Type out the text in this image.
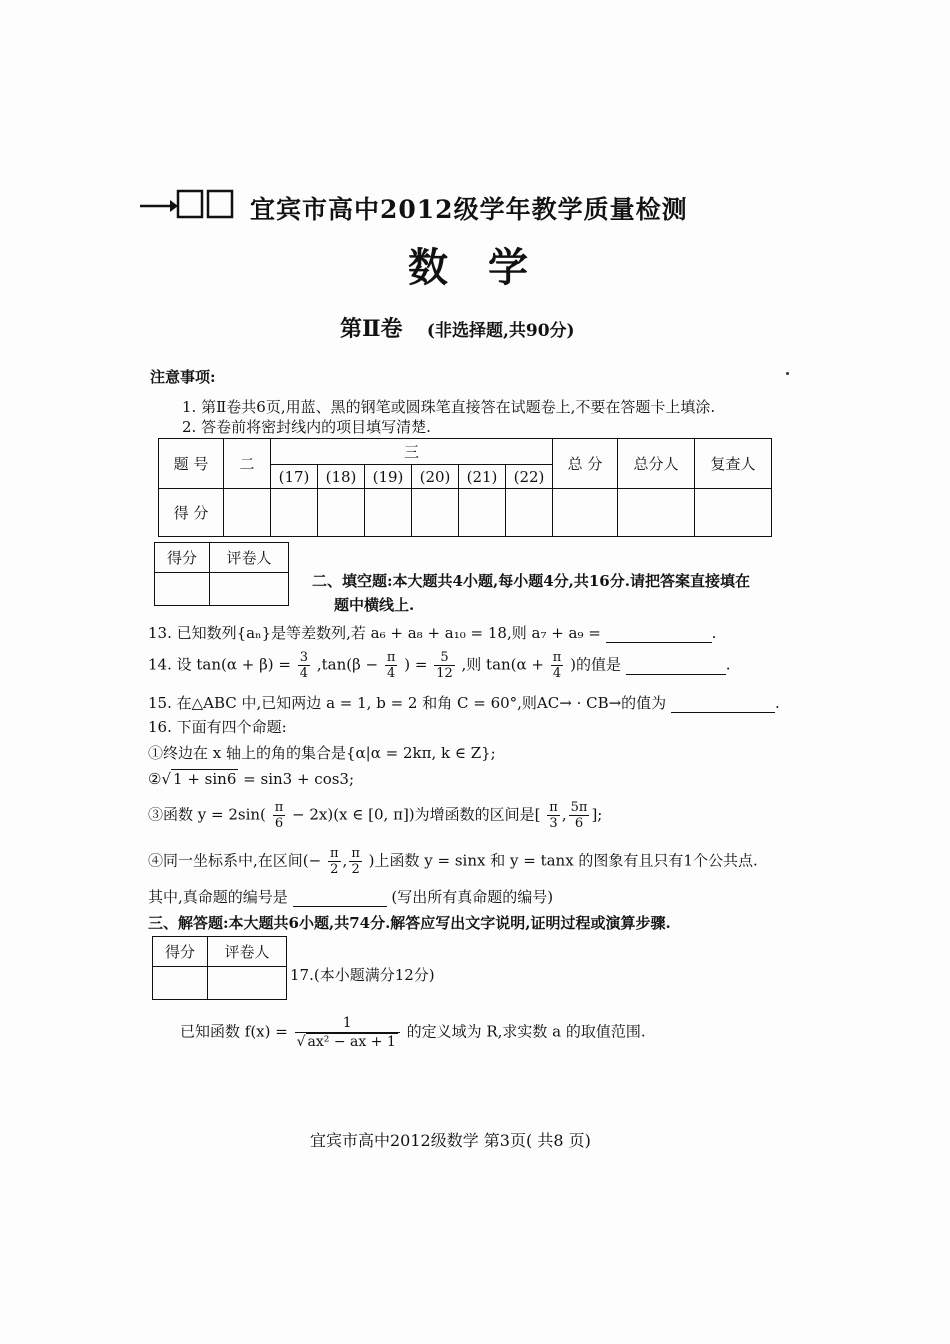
宜宾市高中2012级学年教学质量检测
数学
第Ⅱ卷 (非选择题,共90分)
注意事项:
1. 第Ⅱ卷共6页,用蓝、黑的钢笔或圆珠笔直接答在试题卷上,不要在答题卡上填涂.
2. 答卷前将密封线内的项目填写清楚.
题 号	二	三						总 分	总分人	复查人
		(17)	(18)	(19)	(20)	(21)	(22)			
得 分										
得分	评卷人

二、填空题:本大题共4小题,每小题4分,共16分.请把答案直接填在
题中横线上.
13. 已知数列{aₙ}是等差数列,若 a₆ + a₈ + a₁₀ = 18,则 a₇ + a₉ =	.
14. 设 $\tan(\alpha + \beta) = \frac{3}{4} ,\tan(\beta - \frac{\pi}{4}$ ) = $\frac{5}{12}$ ,则 $\tan(\alpha + \frac{\pi}{4}$ )的值是	.
15. 在△ABC 中,已知两边 a = 1, b = 2 和角 C = 60°,则AC→ · CB→的值为	.
16. 下面有四个命题:
①终边在 x 轴上的角的集合是{α|α = 2kπ, k ∈ Z};
②√ 1 + sin6 = sin3 + cos3;
③函数 $y = 2\sin( \frac{\pi}{6} - 2x)(x$ ∈ [0, π])为增函数的区间是[ $\frac{\pi}{3}$ , $\frac{5\pi}{6}$ ];
④同一坐标系中,在区间(− $\frac{\pi}{2}$ , $\frac{\pi}{2}$ )上函数 y = sinx 和 y = tanx 的图象有且只有1个公共点.
其中,真命题的编号是	(写出所有真命题的编号)
三、解答题:本大题共6小题,共74分.解答应写出文字说明,证明过程或演算步骤.
得分	评卷人

17.(本小题满分12分)
已知函数 $f(x) = \frac{1}{\text{√ ax² − ax + 1}}$ 的定义域为 R,求实数 a 的取值范围.
宜宾市高中2012级数学 第3页( 共8 页)
